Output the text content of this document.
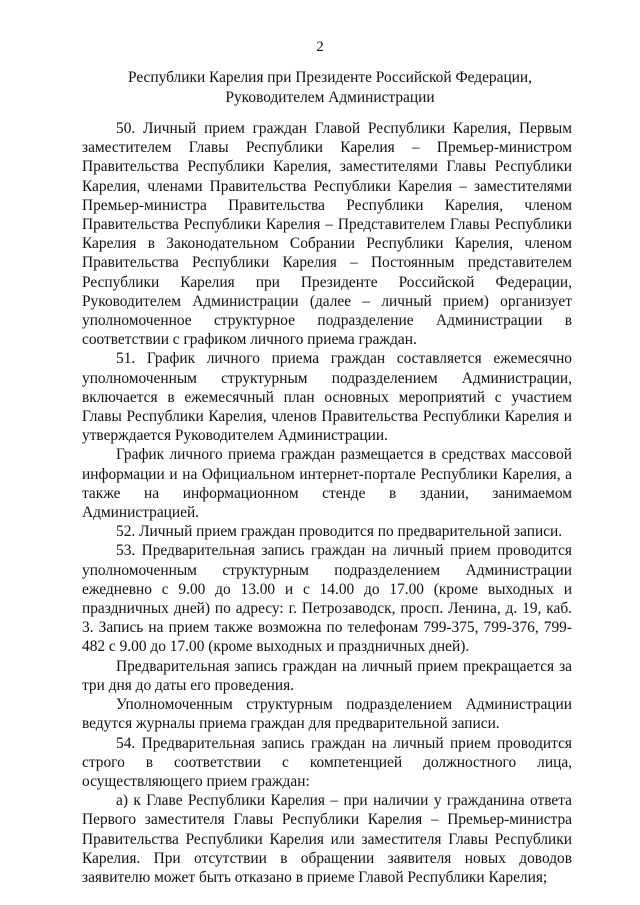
2
Республики Карелия при Президенте Российской Федерации,
Руководителем Администрации

50. Личный прием граждан Главой Республики Карелия, Первым заместителем Главы Республики Карелия – Премьер-министром Правительства Республики Карелия, заместителями Главы Республики Карелия, членами Правительства Республики Карелия – заместителями Премьер-министра Правительства Республики Карелия, членом Правительства Республики Карелия – Представителем Главы Республики Карелия в Законодательном Собрании Республики Карелия, членом Правительства Республики Карелия – Постоянным представителем Республики Карелия при Президенте Российской Федерации, Руководителем Администрации (далее – личный прием) организует уполномоченное структурное подразделение Администрации в соответствии с графиком личного приема граждан.

51. График личного приема граждан составляется ежемесячно уполномоченным структурным подразделением Администрации, включается в ежемесячный план основных мероприятий с участием Главы Республики Карелия, членов Правительства Республики Карелия и утверждается Руководителем Администрации.

График личного приема граждан размещается в средствах массовой информации и на Официальном интернет-портале Республики Карелия, а также на информационном стенде в здании, занимаемом Администрацией.

52. Личный прием граждан проводится по предварительной записи.

53. Предварительная запись граждан на личный прием проводится уполномоченным структурным подразделением Администрации ежедневно с 9.00 до 13.00 и с 14.00 до 17.00 (кроме выходных и праздничных дней) по адресу: г. Петрозаводск, просп. Ленина, д. 19, каб. 3. Запись на прием также возможна по телефонам 799-375, 799-376, 799-482 с 9.00 до 17.00 (кроме выходных и праздничных дней).

Предварительная запись граждан на личный прием прекращается за три дня до даты его проведения.

Уполномоченным структурным подразделением Администрации ведутся журналы приема граждан для предварительной записи.

54. Предварительная запись граждан на личный прием проводится строго в соответствии с компетенцией должностного лица, осуществляющего прием граждан:

а) к Главе Республики Карелия – при наличии у гражданина ответа Первого заместителя Главы Республики Карелия – Премьер-министра Правительства Республики Карелия или заместителя Главы Республики Карелия. При отсутствии в обращении заявителя новых доводов заявителю может быть отказано в приеме Главой Республики Карелия;
